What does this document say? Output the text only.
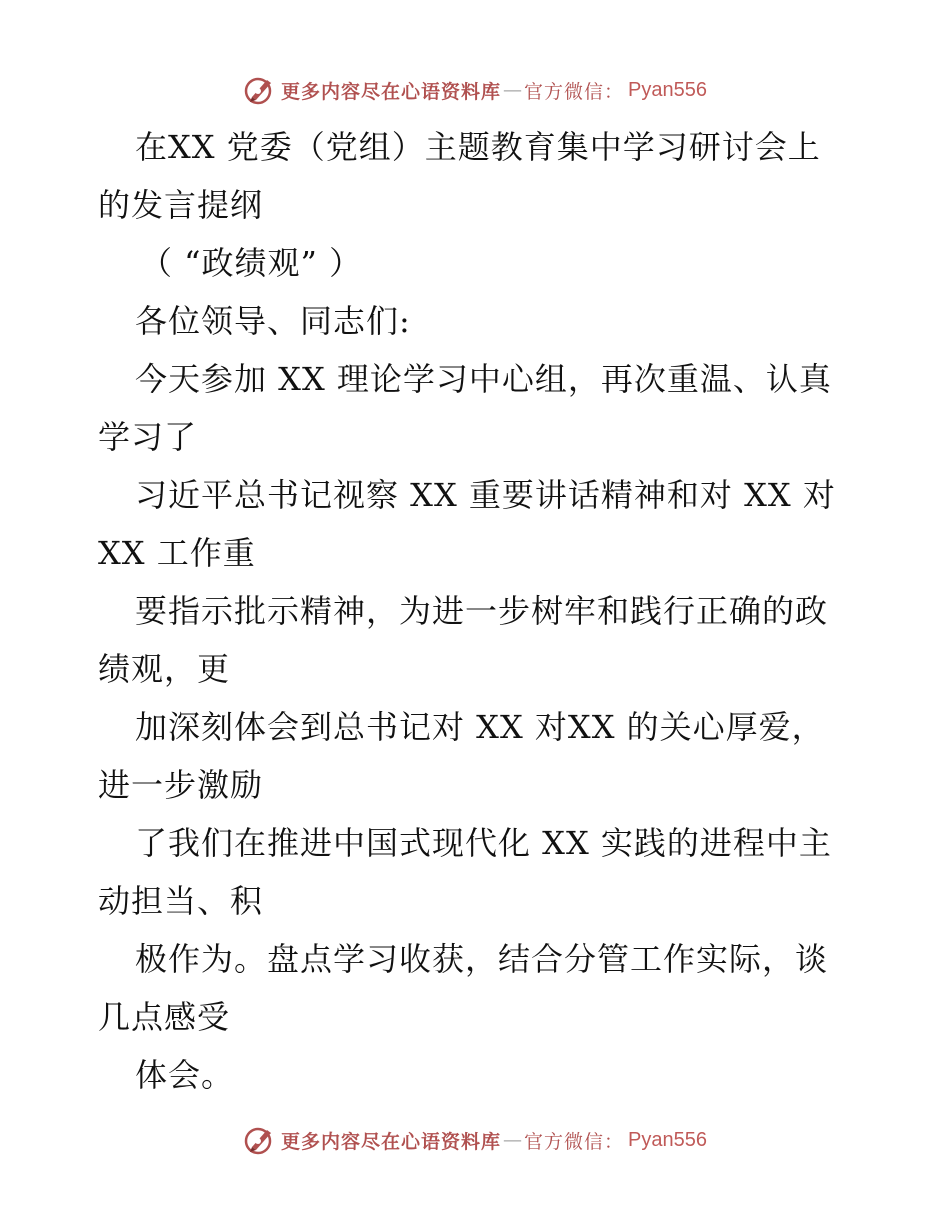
更多内容尽在心语资料库 — 官方微信： Pyan556
在XX 党委（党组）主题教育集中学习研讨会上
的发言提纲
（ “政绩观” ）
各位领导、同志们:
今天参加 XX 理论学习中心组，再次重温、认真
学习了
习近平总书记视察 XX 重要讲话精神和对 XX 对
XX 工作重
要指示批示精神，为进一步树牢和践行正确的政
绩观，更
加深刻体会到总书记对 XX 对XX 的关心厚爱，
进一步激励
了我们在推进中国式现代化 XX 实践的进程中主
动担当、积
极作为。盘点学习收获，结合分管工作实际，谈
几点感受
体会。
更多内容尽在心语资料库 — 官方微信： Pyan556
